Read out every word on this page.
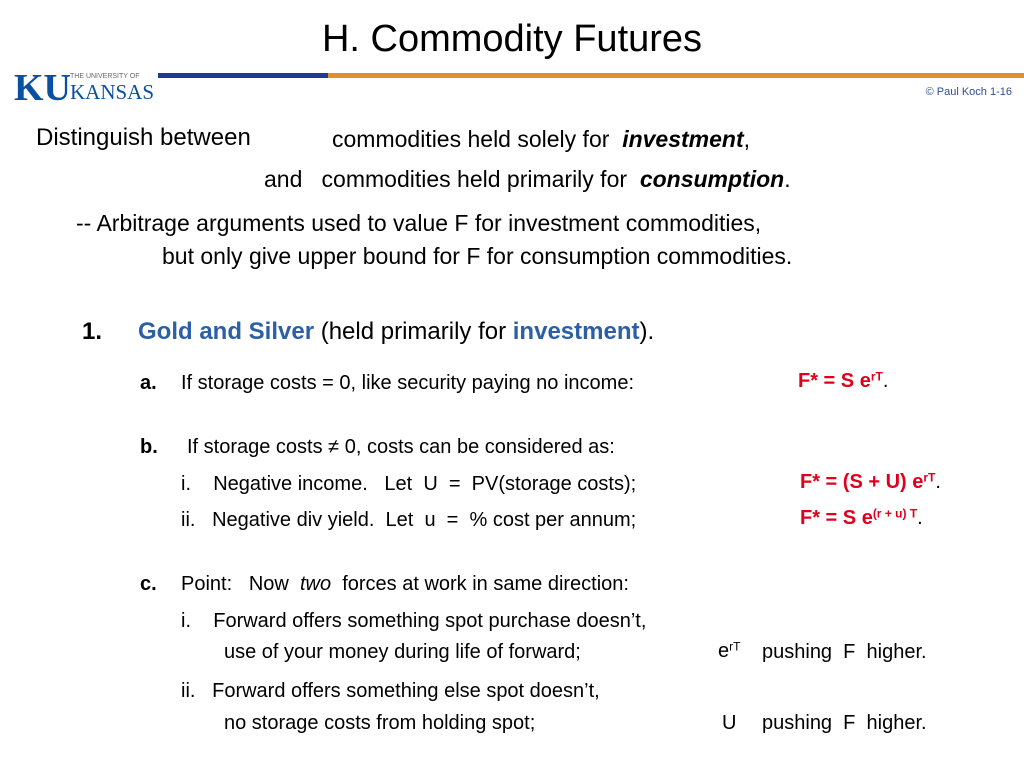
H. Commodity Futures
KU THE UNIVERSITY OF
KANSAS	© Paul Koch 1-16
Distinguish between	commodities held solely for investment,
and commodities held primarily for consumption.
-- Arbitrage arguments used to value F for investment commodities,
but only give upper bound for F for consumption commodities.
1. Gold and Silver (held primarily for investment).
a. If storage costs = 0, like security paying no income:	F* = S $e^{rT}$.
b. If storage costs ≠ 0, costs can be considered as:
i.    Negative income.   Let  U  =  PV(storage costs);	F* = (S + U) $e^{rT}$.
ii.   Negative div yield.  Let  u  =  % cost per annum;	F* = S $e^{(r + u) T}$.
c. Point:   Now two forces at work in same direction:
i.    Forward offers something spot purchase doesn’t,
use of your money during life of forward;	$e^{rT}$ pushing  F  higher.
ii.   Forward offers something else spot doesn’t,
no storage costs from holding spot;	U pushing  F  higher.
